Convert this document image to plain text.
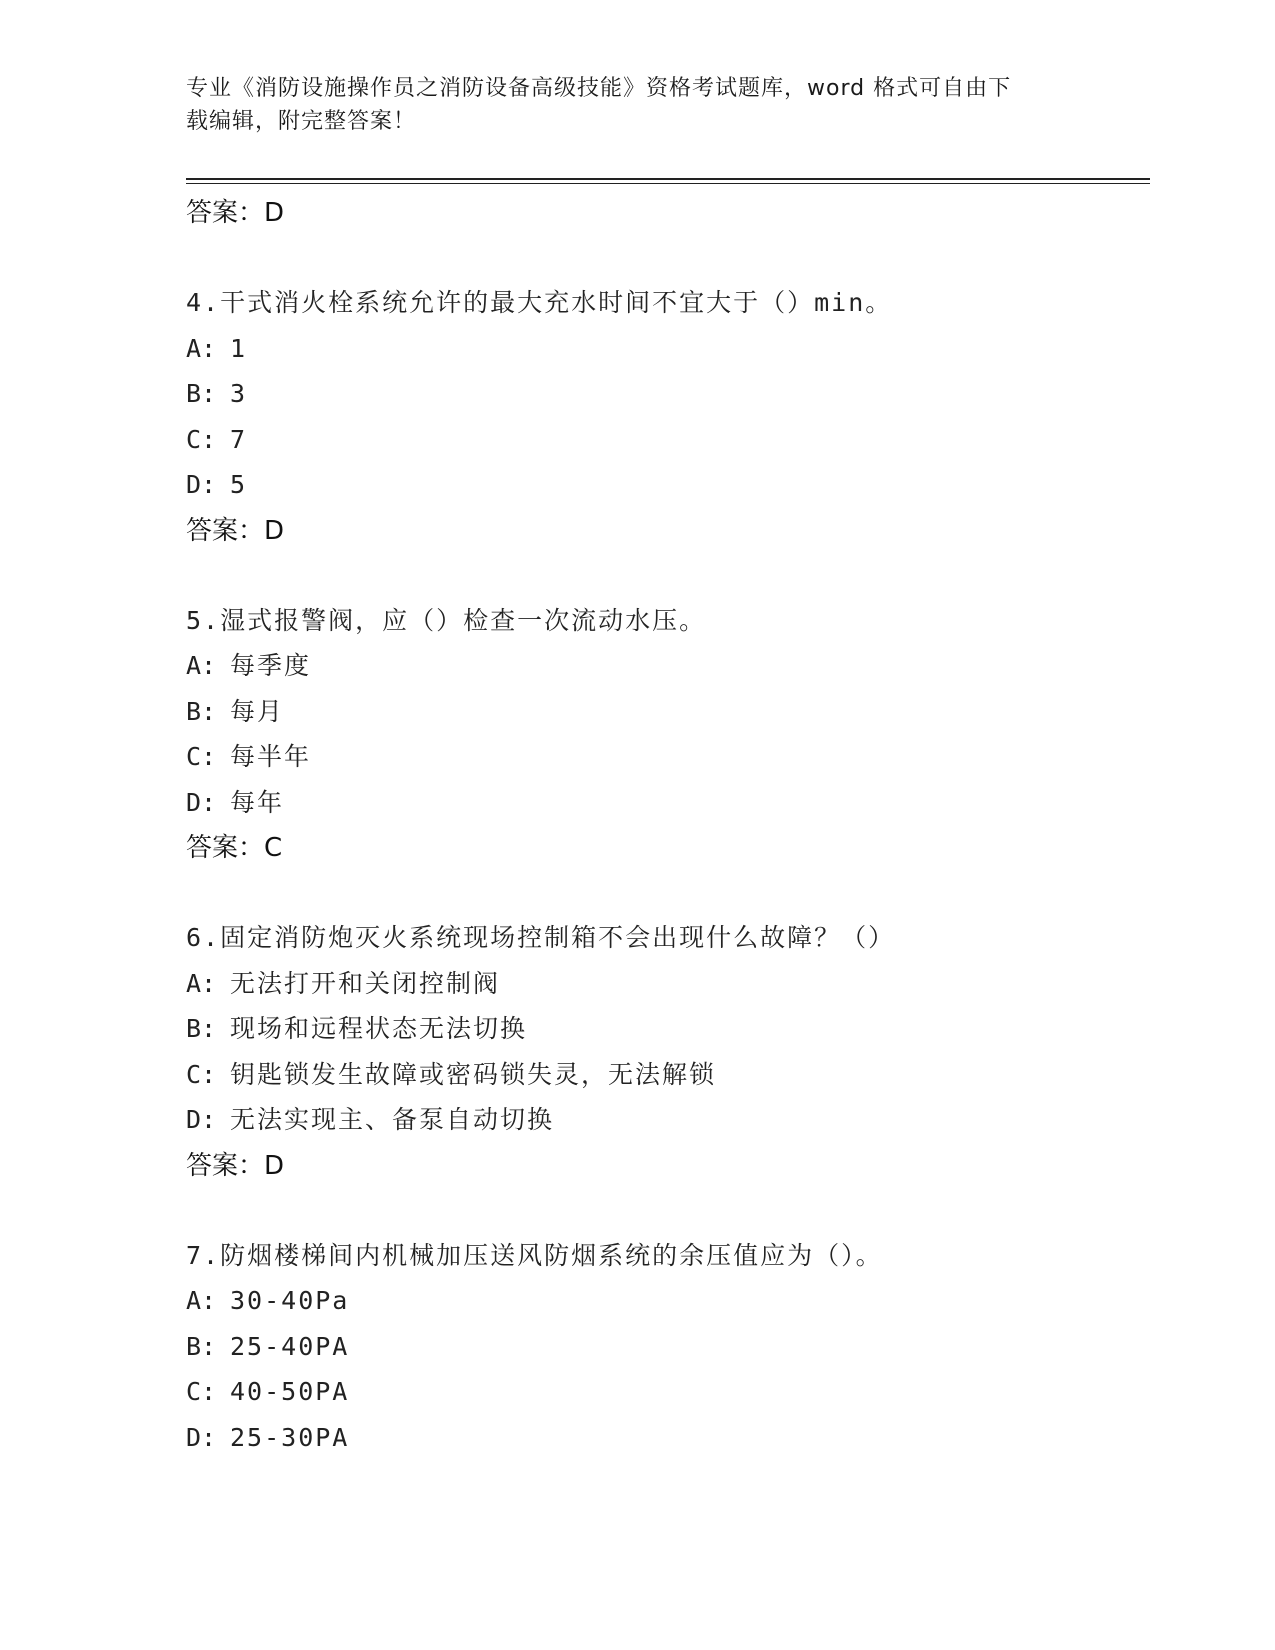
专业《消防设施操作员之消防设备高级技能》资格考试题库，word 格式可自由下
载编辑，附完整答案！
答案：D
4.干式消火栓系统允许的最大充水时间不宜大于（）min。
A: 1
B: 3
C: 7
D: 5
答案：D
5.湿式报警阀，应（）检查一次流动水压。
A: 每季度
B: 每月
C: 每半年
D: 每年
答案：C
6.固定消防炮灭火系统现场控制箱不会出现什么故障？（）
A: 无法打开和关闭控制阀
B: 现场和远程状态无法切换
C: 钥匙锁发生故障或密码锁失灵，无法解锁
D: 无法实现主、备泵自动切换
答案：D
7.防烟楼梯间内机械加压送风防烟系统的余压值应为（）。
A: 30-40Pa
B: 25-40PA
C: 40-50PA
D: 25-30PA
